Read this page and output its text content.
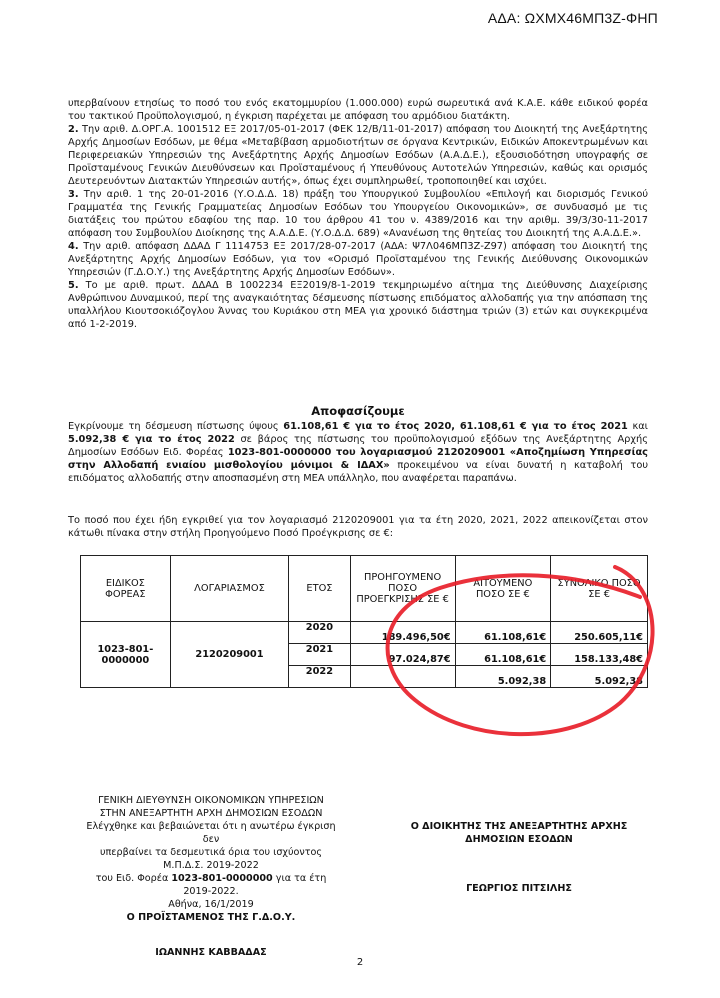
ΑΔΑ: ΩΧΜΧ46ΜΠ3Ζ-ΦΗΠ

υπερβαίνουν ετησίως το ποσό του ενός εκατομμυρίου (1.000.000) ευρώ σωρευτικά ανά Κ.Α.Ε. κάθε ειδικού φορέα του τακτικού Προϋπολογισμού, η έγκριση παρέχεται με απόφαση του αρμόδιου διατάκτη.

2. Την αριθ. Δ.ΟΡΓ.Α. 1001512 ΕΞ 2017/05-01-2017 (ΦΕΚ 12/Β/11-01-2017) απόφαση του Διοικητή της Ανεξάρτητης Αρχής Δημοσίων Εσόδων, με θέμα «Μεταβίβαση αρμοδιοτήτων σε όργανα Κεντρικών, Ειδικών Αποκεντρωμένων και Περιφερειακών Υπηρεσιών της Ανεξάρτητης Αρχής Δημοσίων Εσόδων (Α.Α.Δ.Ε.), εξουσιοδότηση υπογραφής σε Προϊσταμένους Γενικών Διευθύνσεων και Προϊσταμένους ή Υπευθύνους Αυτοτελών Υπηρεσιών, καθώς και ορισμός Δευτερευόντων Διατακτών Υπηρεσιών αυτής», όπως έχει συμπληρωθεί, τροποποιηθεί και ισχύει.

3. Την αριθ. 1 της 20-01-2016 (Υ.Ο.Δ.Δ. 18) πράξη του Υπουργικού Συμβουλίου «Επιλογή και διορισμός Γενικού Γραμματέα της Γενικής Γραμματείας Δημοσίων Εσόδων του Υπουργείου Οικονομικών», σε συνδυασμό με τις διατάξεις του πρώτου εδαφίου της παρ. 10 του άρθρου 41 του ν. 4389/2016 και την αριθμ. 39/3/30-11-2017 απόφαση του Συμβουλίου Διοίκησης της Α.Α.Δ.Ε. (Υ.Ο.Δ.Δ. 689) «Ανανέωση της θητείας του Διοικητή της Α.Α.Δ.Ε.».

4. Την αριθ. απόφαση ΔΔΑΔ Γ 1114753 ΕΞ 2017/28-07-2017 (ΑΔΑ: Ψ7Λ046ΜΠ3Ζ-Ζ97) απόφαση του Διοικητή της Ανεξάρτητης Αρχής Δημοσίων Εσόδων, για τον «Ορισμό Προϊσταμένου της Γενικής Διεύθυνσης Οικονομικών Υπηρεσιών (Γ.Δ.Ο.Υ.) της Ανεξάρτητης Αρχής Δημοσίων Εσόδων».

5. Το με αριθ. πρωτ. ΔΔΑΔ Β 1002234 ΕΞ2019/8-1-2019 τεκμηριωμένο αίτημα της Διεύθυνσης Διαχείρισης Ανθρώπινου Δυναμικού, περί της αναγκαιότητας δέσμευσης πίστωσης επιδόματος αλλοδαπής για την απόσπαση της υπαλλήλου Κιουτσοκιόζογλου Άννας του Κυριάκου στη ΜΕΑ για χρονικό διάστημα τριών (3) ετών και συγκεκριμένα από 1-2-2019.

Αποφασίζουμε

Εγκρίνουμε τη δέσμευση πίστωσης ύψους 61.108,61 € για το έτος 2020, 61.108,61 € για το έτος 2021 και 5.092,38 € για το έτος 2022 σε βάρος της πίστωσης του προϋπολογισμού εξόδων της Ανεξάρτητης Αρχής Δημοσίων Εσόδων Ειδ. Φορέας 1023-801-0000000 του λογαριασμού 2120209001 «Αποζημίωση Υπηρεσίας στην Αλλοδαπή ενιαίου μισθολογίου μόνιμοι & ΙΔΑΧ» προκειμένου να είναι δυνατή η καταβολή του επιδόματος αλλοδαπής στην αποσπασμένη στη ΜΕΑ υπάλληλο, που αναφέρεται παραπάνω.

Το ποσό που έχει ήδη εγκριθεί για τον λογαριασμό 2120209001 για τα έτη 2020, 2021, 2022 απεικονίζεται στον κάτωθι πίνακα στην στήλη Προηγούμενο Ποσό Προέγκρισης σε €:

ΕΙΔΙΚΟΣ ΦΟΡΕΑΣ	ΛΟΓΑΡΙΑΣΜΟΣ	ΕΤΟΣ	ΠΡΟΗΓΟΥΜΕΝΟ ΠΟΣΟ ΠΡΟΕΓΚΡΙΣΗΣ ΣΕ €	ΑΙΤΟΥΜΕΝΟ ΠΟΣΟ ΣΕ €	ΣΥΝΟΛΙΚΟ ΠΟΣΟ ΣΕ €
1023-801-0000000	2120209001	2020	189.496,50€	61.108,61€	250.605,11€
		2021	97.024,87€	61.108,61€	158.133,48€
		2022		5.092,38	5.092,38
ΓΕΝΙΚΗ ΔΙΕΥΘΥΝΣΗ ΟΙΚΟΝΟΜΙΚΩΝ ΥΠΗΡΕΣΙΩΝ
ΣΤΗΝ ΑΝΕΞΑΡΤΗΤΗ ΑΡΧΗ ΔΗΜΟΣΙΩΝ ΕΣΟΔΩΝ
Ελέγχθηκε και βεβαιώνεται ότι η ανωτέρω έγκριση δεν
υπερβαίνει τα δεσμευτικά όρια του ισχύοντος Μ.Π.Δ.Σ. 2019-2022
του Ειδ. Φορέα 1023-801-0000000 για τα έτη 2019-2022.
Αθήνα, 16/1/2019
Ο ΠΡΟΪΣΤΑΜΕΝΟΣ ΤΗΣ Γ.Δ.Ο.Υ.
ΙΩΑΝΝΗΣ ΚΑΒΒΑΔΑΣ
Ο ΔΙΟΙΚΗΤΗΣ ΤΗΣ ΑΝΕΞΑΡΤΗΤΗΣ ΑΡΧΗΣ
ΔΗΜΟΣΙΩΝ ΕΣΟΔΩΝ
ΓΕΩΡΓΙΟΣ ΠΙΤΣΙΛΗΣ
2
